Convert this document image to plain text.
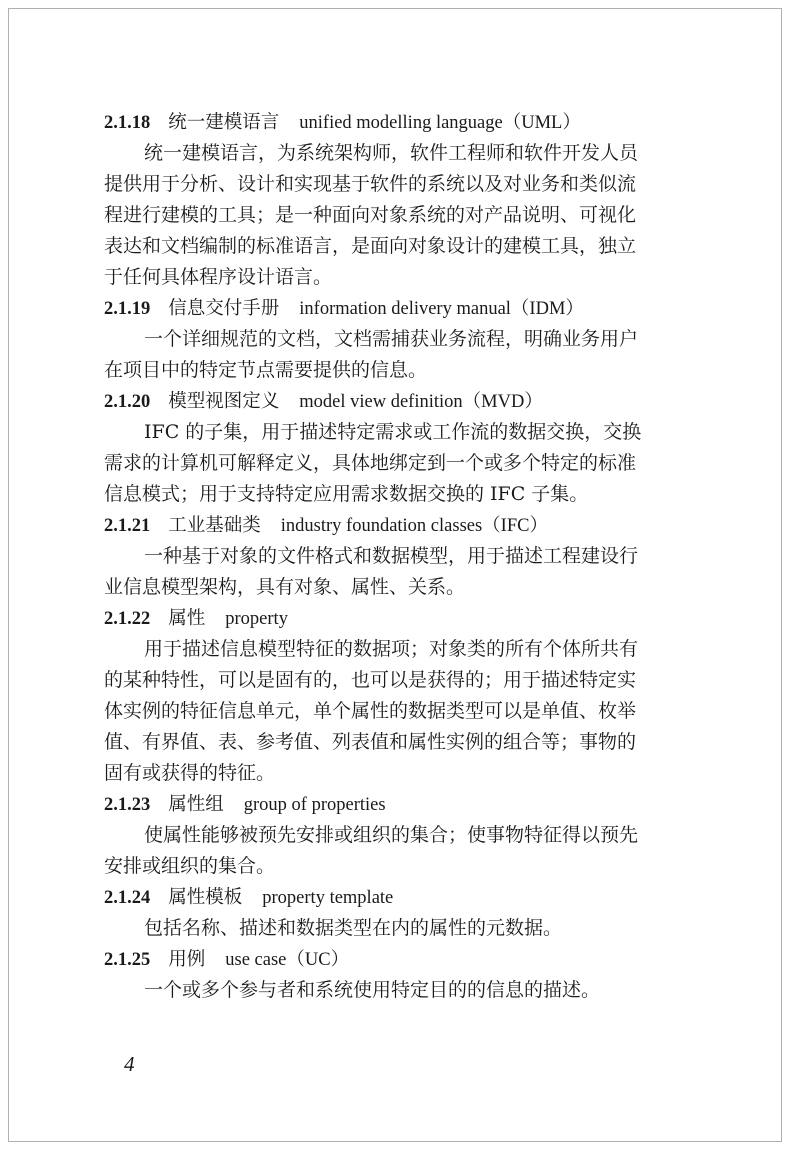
2.1.18 统一建模语言 unified modelling language（UML）

统一建模语言，为系统架构师，软件工程师和软件开发人员
提供用于分析、设计和实现基于软件的系统以及对业务和类似流
程进行建模的工具；是一种面向对象系统的对产品说明、可视化
表达和文档编制的标准语言，是面向对象设计的建模工具，独立
于任何具体程序设计语言。

2.1.19 信息交付手册 information delivery manual（IDM）

一个详细规范的文档，文档需捕获业务流程，明确业务用户
在项目中的特定节点需要提供的信息。

2.1.20 模型视图定义 model view definition（MVD）

IFC 的子集，用于描述特定需求或工作流的数据交换，交换
需求的计算机可解释定义，具体地绑定到一个或多个特定的标准
信息模式；用于支持特定应用需求数据交换的 IFC 子集。

2.1.21 工业基础类 industry foundation classes（IFC）

一种基于对象的文件格式和数据模型，用于描述工程建设行
业信息模型架构，具有对象、属性、关系。

2.1.22 属性 property

用于描述信息模型特征的数据项；对象类的所有个体所共有
的某种特性，可以是固有的，也可以是获得的；用于描述特定实
体实例的特征信息单元，单个属性的数据类型可以是单值、枚举
值、有界值、表、参考值、列表值和属性实例的组合等；事物的
固有或获得的特征。

2.1.23 属性组 group of properties

使属性能够被预先安排或组织的集合；使事物特征得以预先
安排或组织的集合。

2.1.24 属性模板 property template

包括名称、描述和数据类型在内的属性的元数据。

2.1.25 用例 use case（UC）

一个或多个参与者和系统使用特定目的的信息的描述。

4
